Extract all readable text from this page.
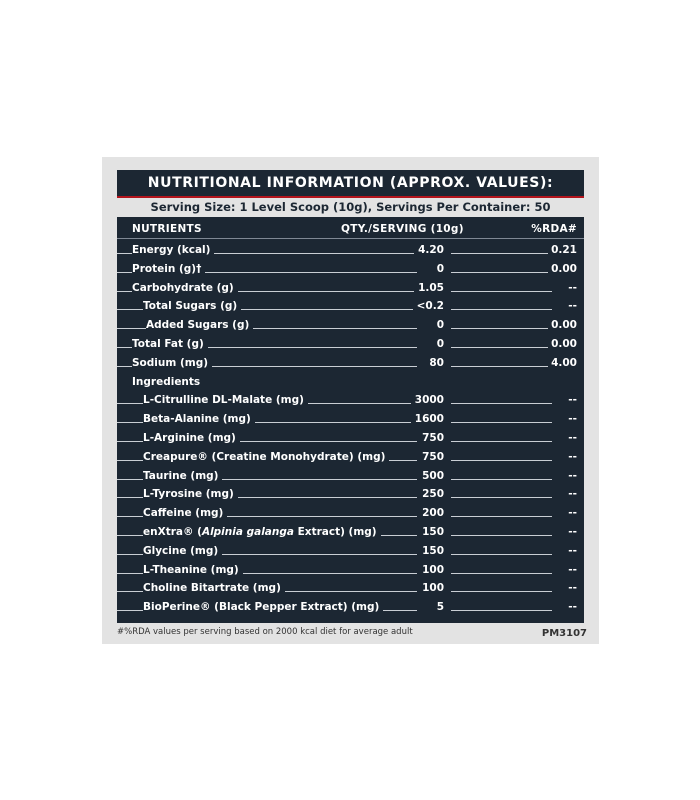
NUTRITIONAL INFORMATION (APPROX. VALUES):
Serving Size: 1 Level Scoop (10g), Servings Per Container: 50
NUTRIENTS	QTY./SERVING (10g)	%RDA#
Energy (kcal)	4.20	0.21
Protein (g)†	0	0.00
Carbohydrate (g)	1.05	--
Total Sugars (g)	<0.2	--
Added Sugars (g)	0	0.00
Total Fat (g)	0	0.00
Sodium (mg)	80	4.00
Ingredients
L-Citrulline DL-Malate (mg)	3000	--
Beta-Alanine (mg)	1600	--
L-Arginine (mg)	750	--
Creapure® (Creatine Monohydrate) (mg)	750	--
Taurine (mg)	500	--
L-Tyrosine (mg)	250	--
Caffeine (mg)	200	--
enXtra® (Alpinia galanga Extract) (mg)	150	--
Glycine (mg)	150	--
L-Theanine (mg)	100	--
Choline Bitartrate (mg)	100	--
BioPerine® (Black Pepper Extract) (mg)	5	--
#%RDA values per serving based on 2000 kcal diet for average adult	PM3107
